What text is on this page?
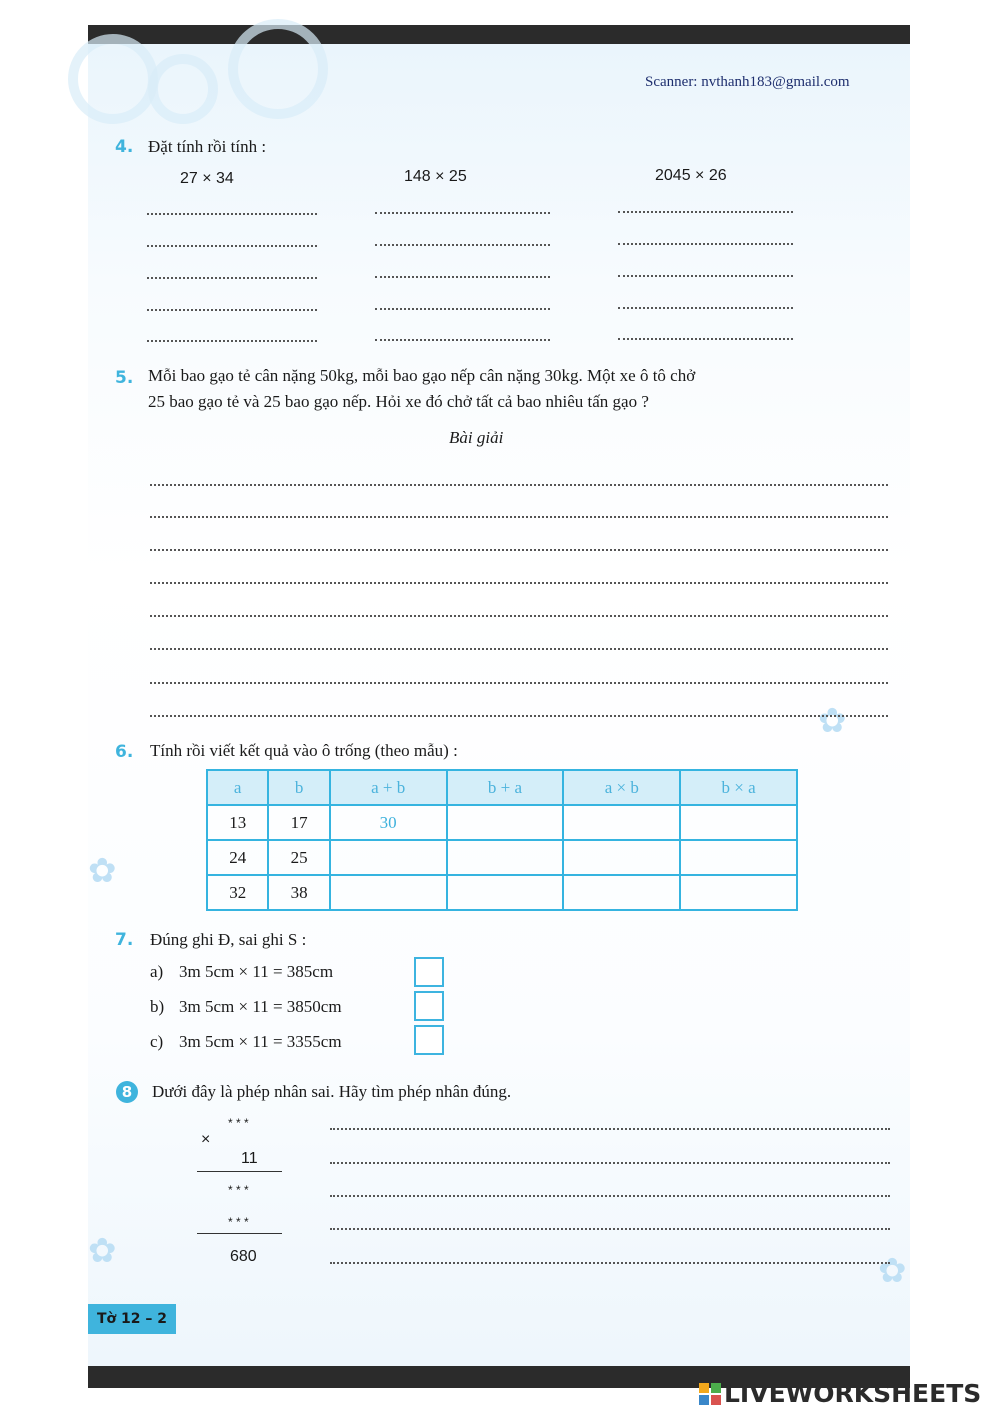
✿
✿
✿	✿
Scanner: nvthanh183@gmail.com
4. Đặt tính rồi tính :
27 × 34	148 × 25	2045 × 26
5. Mỗi bao gạo tẻ cân nặng 50kg, mỗi bao gạo nếp cân nặng 30kg. Một xe ô tô chở
25 bao gạo tẻ và 25 bao gạo nếp. Hỏi xe đó chở tất cả bao nhiêu tấn gạo ?
Bài giải
6. Tính rồi viết kết quả vào ô trống (theo mẫu) :
a	b	a + b	b + a	a × b	b × a
13	17	30			
24	25				
32	38				
7. Đúng ghi Đ, sai ghi S :
a) 3m 5cm × 11 = 385cm
b) 3m 5cm × 11 = 3850cm
c) 3m 5cm × 11 = 3355cm
8	Dưới đây là phép nhân sai. Hãy tìm phép nhân đúng.
* * *
×
11
* * *
* * *
680
Tờ 12 – 2
LIVEWORKSHEETS
